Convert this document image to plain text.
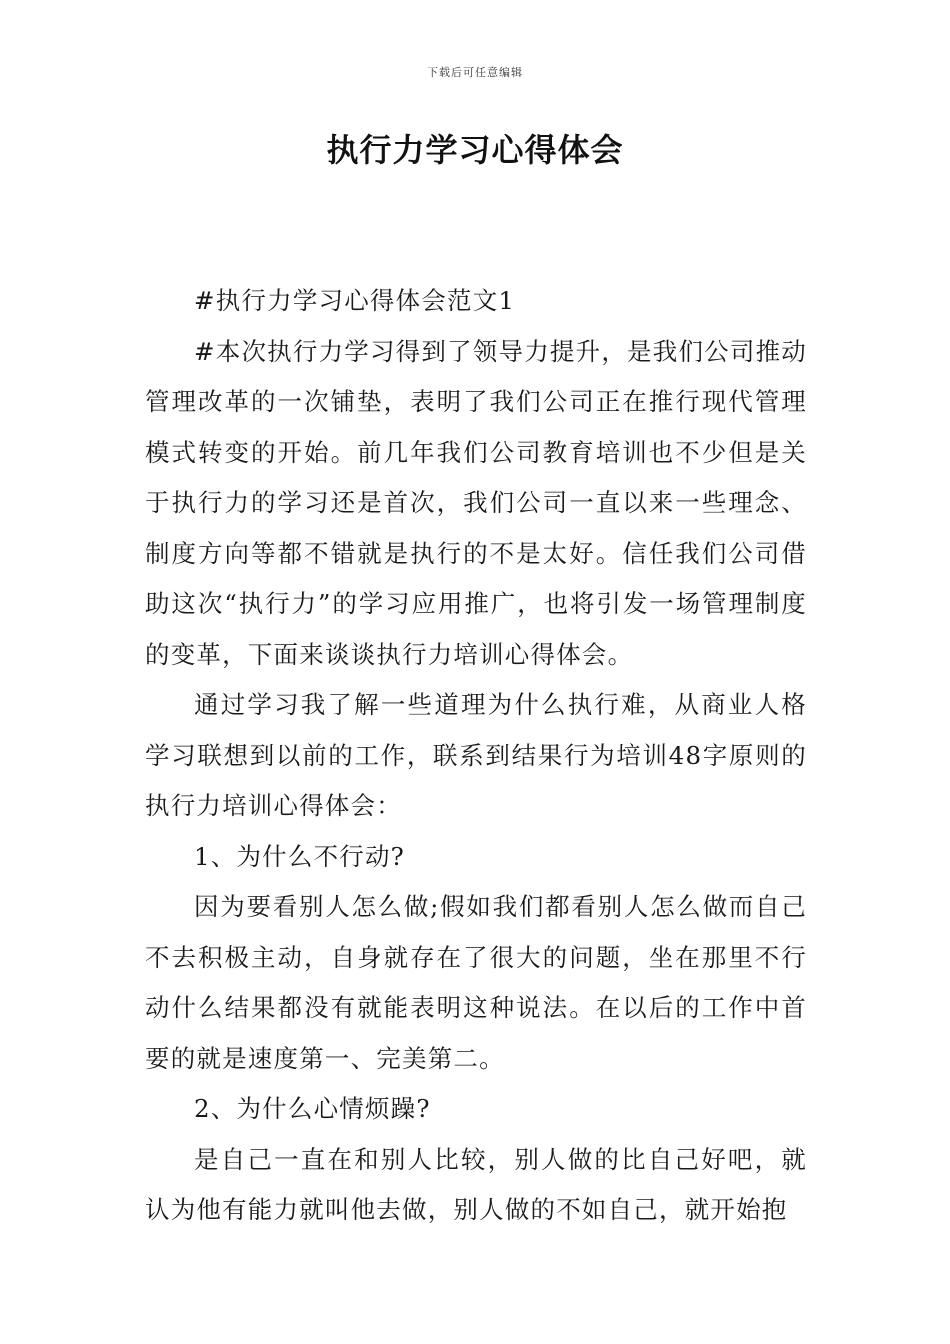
下载后可任意编辑
执行力学习心得体会

#执行力学习心得体会范文1

#本次执行力学习得到了领导力提升，是我们公司推动管理改革的一次铺垫，表明了我们公司正在推行现代管理模式转变的开始。前几年我们公司教育培训也不少但是关于执行力的学习还是首次，我们公司一直以来一些理念、制度方向等都不错就是执行的不是太好。信任我们公司借助这次“执行力”的学习应用推广，也将引发一场管理制度的变革，下面来谈谈执行力培训心得体会。

通过学习我了解一些道理为什么执行难，从商业人格学习联想到以前的工作，联系到结果行为培训48字原则的执行力培训心得体会：

1、为什么不行动?

因为要看别人怎么做;假如我们都看别人怎么做而自己不去积极主动，自身就存在了很大的问题，坐在那里不行动什么结果都没有就能表明这种说法。在以后的工作中首要的就是速度第一、完美第二。

2、为什么心情烦躁?

是自己一直在和别人比较，别人做的比自己好吧，就认为他有能力就叫他去做，别人做的不如自己，就开始抱
